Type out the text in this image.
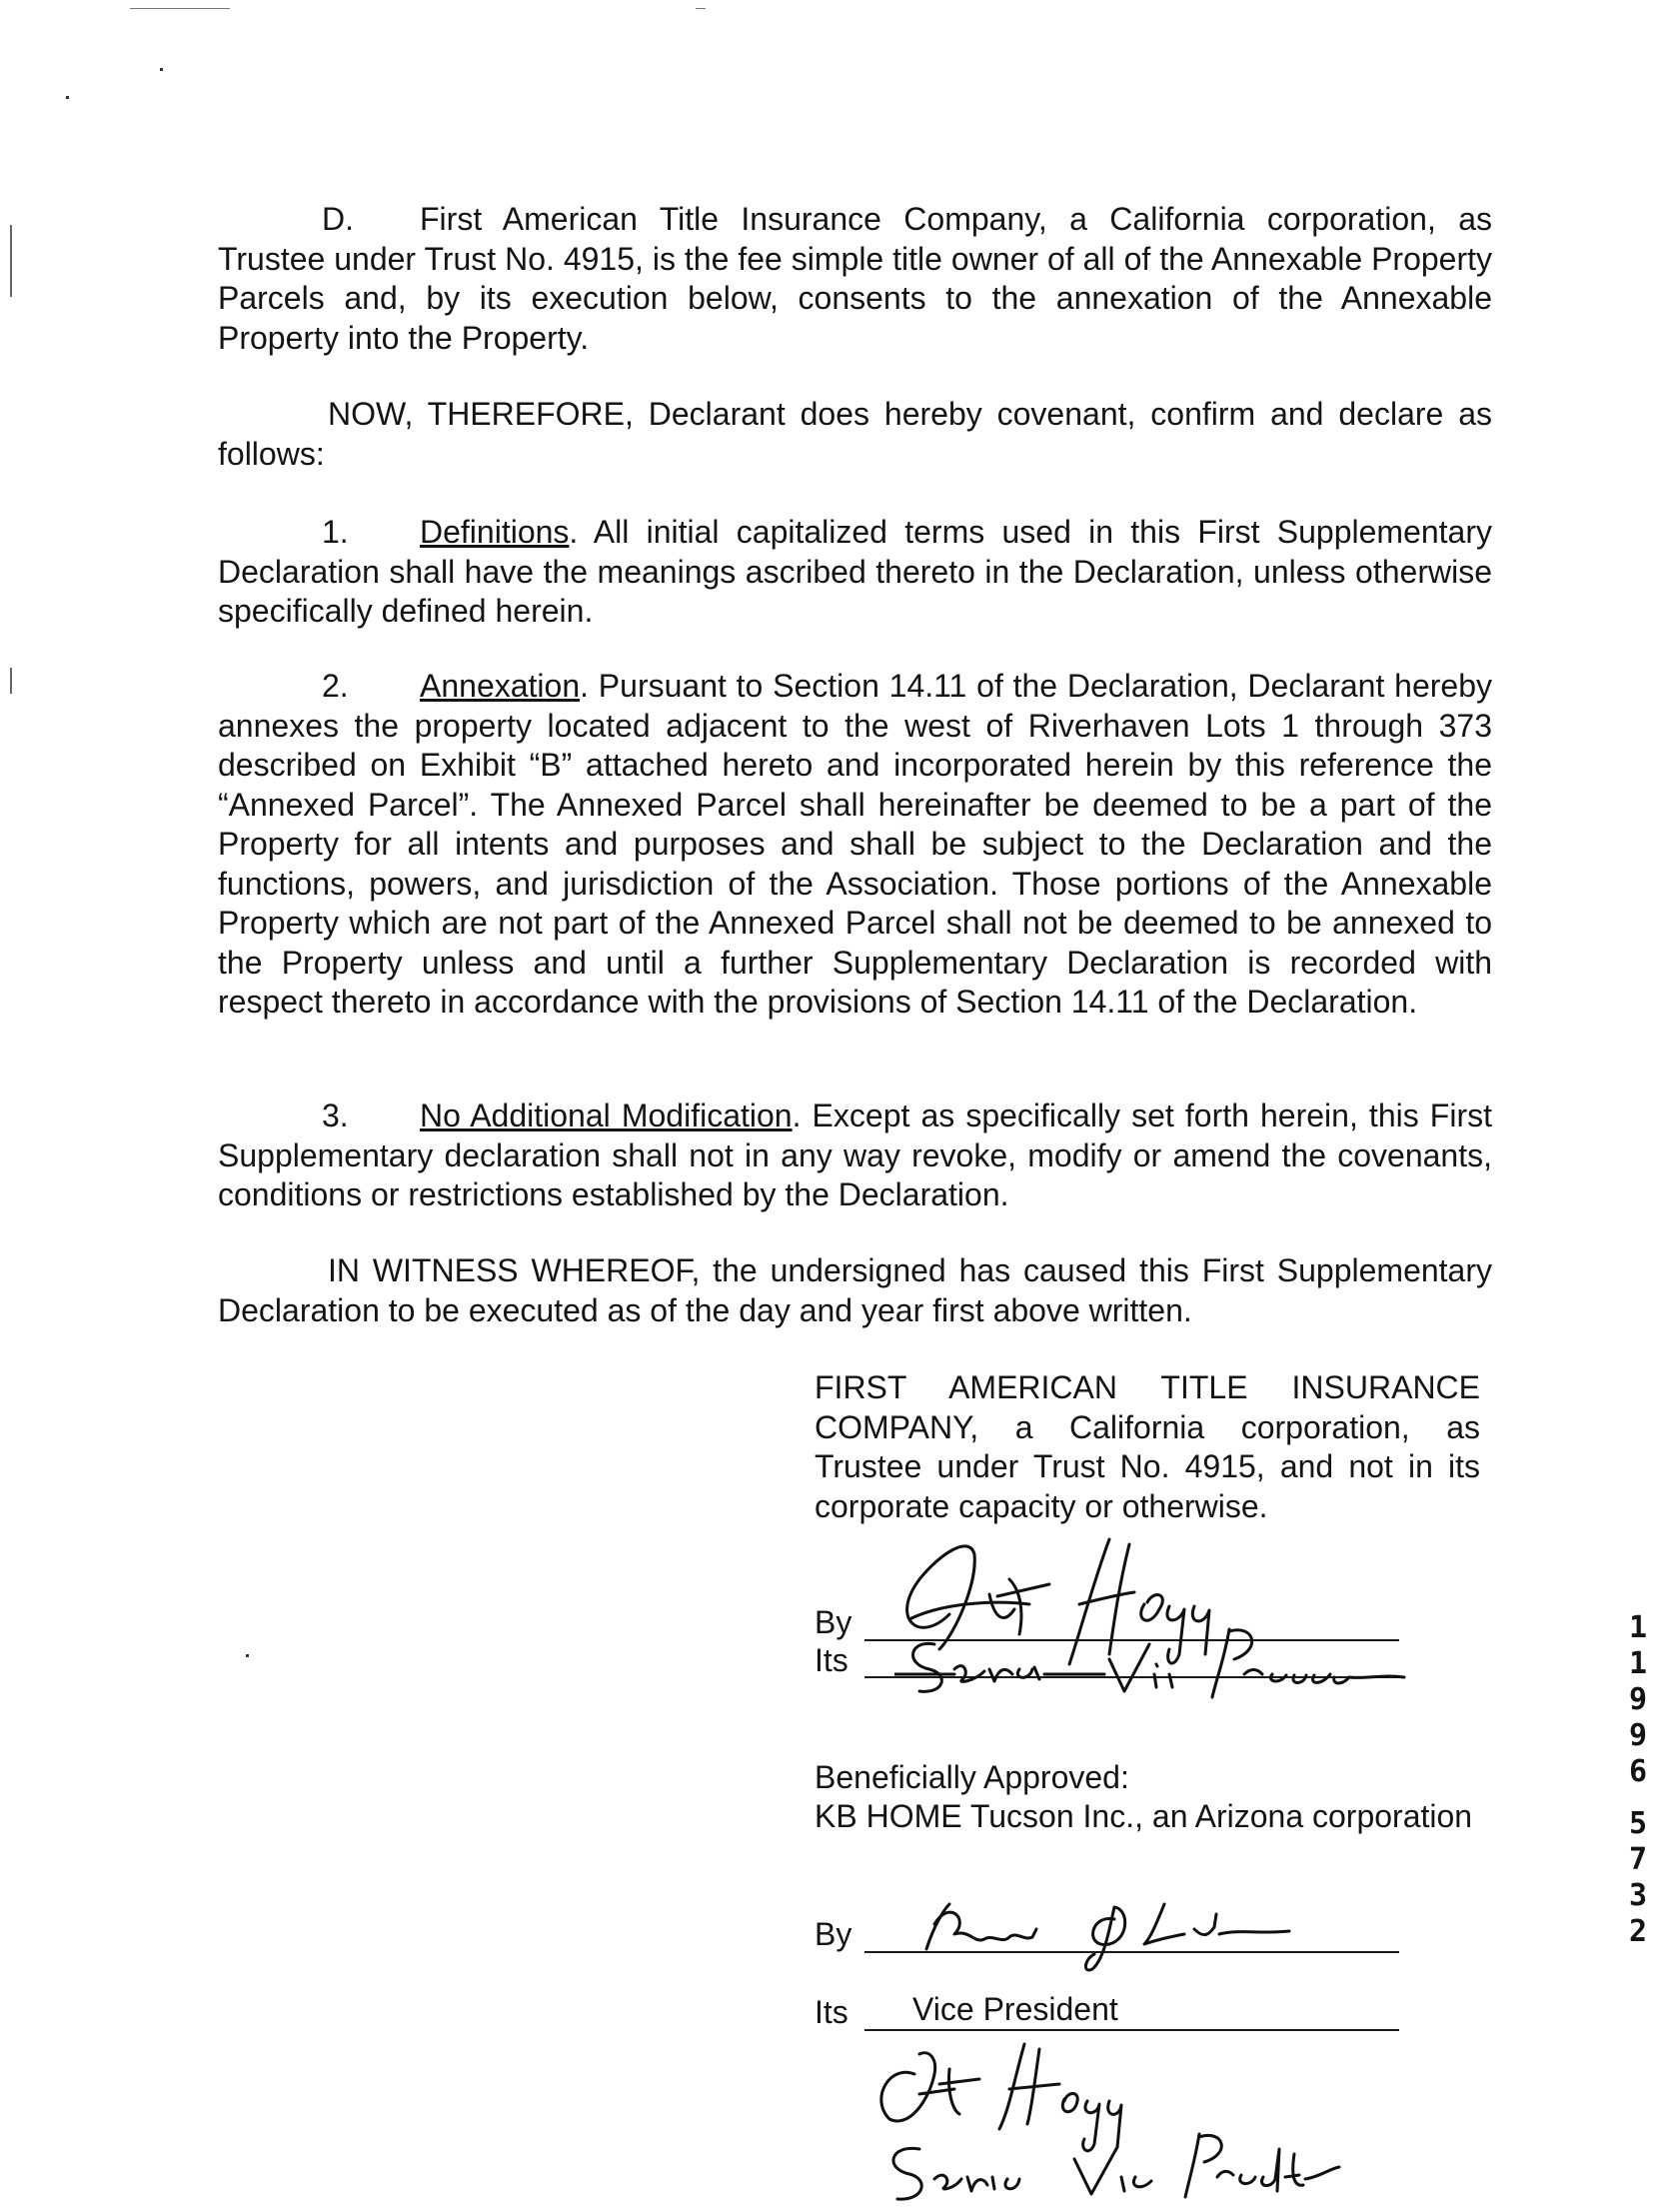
D. First American Title Insurance Company, a California corporation, as Trustee under Trust No. 4915, is the fee simple title owner of all of the Annexable Property Parcels and, by its execution below, consents to the annexation of the Annexable Property into the Property.

NOW, THEREFORE, Declarant does hereby covenant, confirm and declare as follows:

1. Definitions. All initial capitalized terms used in this First Supplementary Declaration shall have the meanings ascribed thereto in the Declaration, unless otherwise specifically defined herein.

2. Annexation. Pursuant to Section 14.11 of the Declaration, Declarant hereby annexes the property located adjacent to the west of Riverhaven Lots 1 through 373 described on Exhibit “B” attached hereto and incorporated herein by this reference the “Annexed Parcel”. The Annexed Parcel shall hereinafter be deemed to be a part of the Property for all intents and purposes and shall be subject to the Declaration and the functions, powers, and jurisdiction of the Association. Those portions of the Annexable Property which are not part of the Annexed Parcel shall not be deemed to be annexed to the Property unless and until a further Supplementary Declaration is recorded with respect thereto in accordance with the provisions of Section 14.11 of the Declaration.

3. No Additional Modification. Except as specifically set forth herein, this First Supplementary declaration shall not in any way revoke, modify or amend the covenants, conditions or restrictions established by the Declaration.

IN WITNESS WHEREOF, the undersigned has caused this First Supplementary Declaration to be executed as of the day and year first above written.

FIRST AMERICAN TITLE INSURANCE COMPANY, a California corporation, as Trustee under Trust No. 4915, and not in its corporate capacity or otherwise.
By
Its
Beneficially Approved:
KB HOME Tucson Inc., an Arizona corporation
By
Its Vice President
1
1
9
9
6
5
7
3
2
